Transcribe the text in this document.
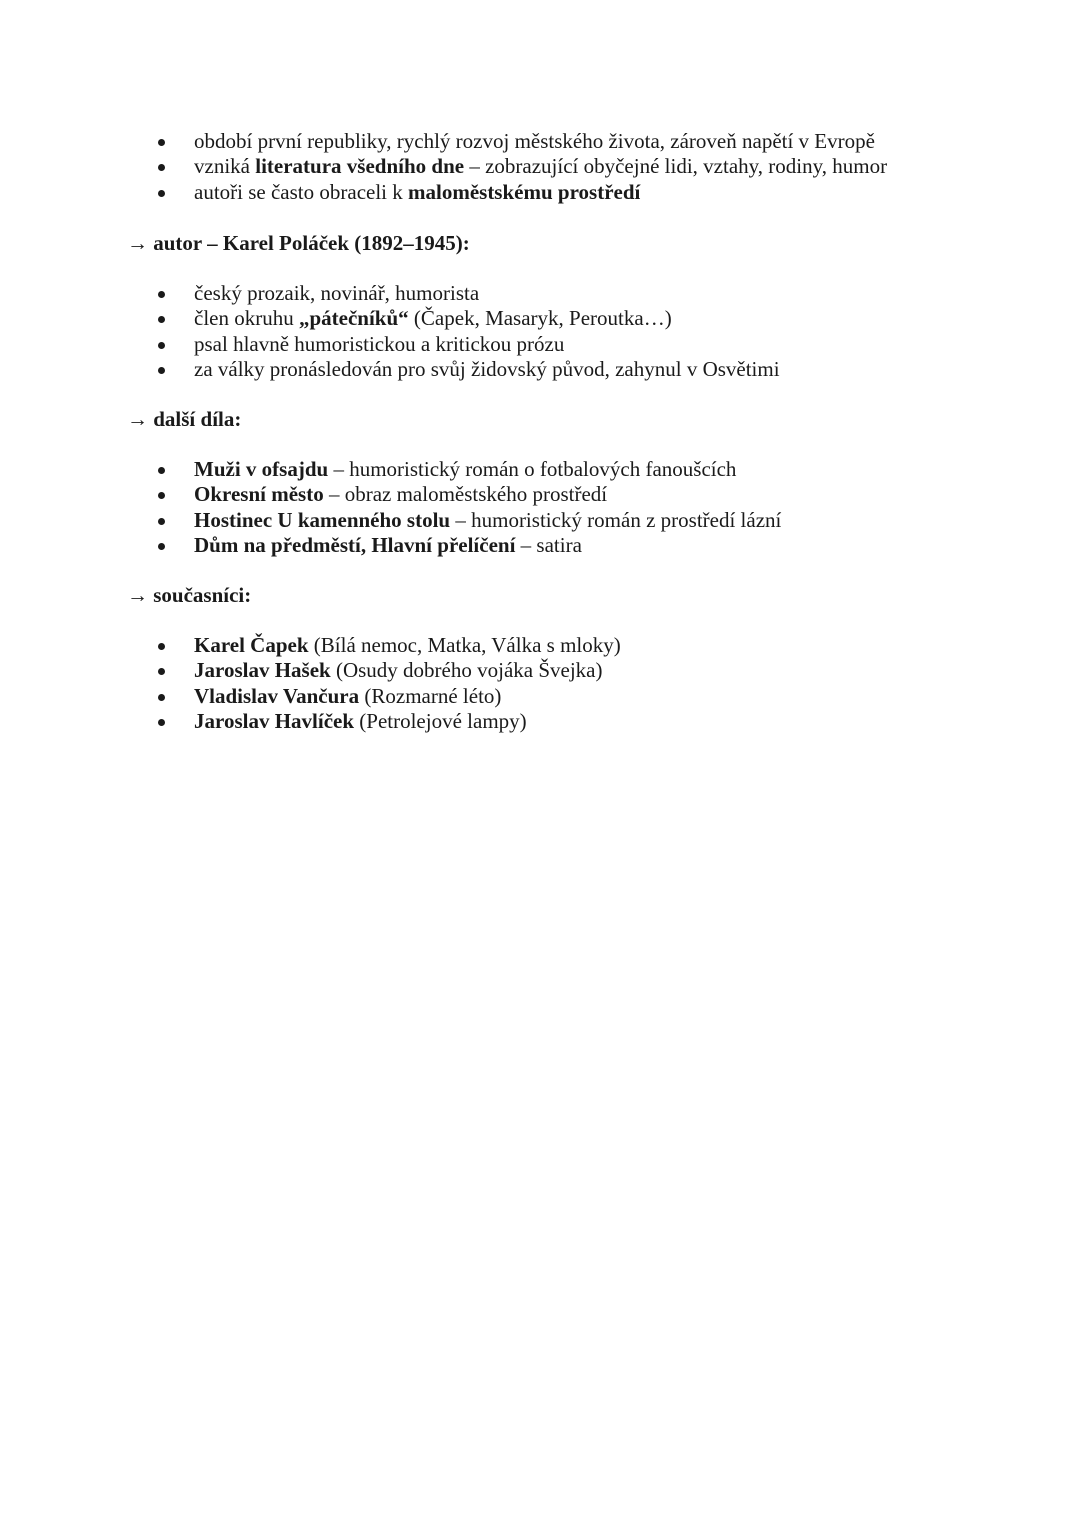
období první republiky, rychlý rozvoj městského života, zároveň napětí v Evropě
vzniká literatura všedního dne – zobrazující obyčejné lidi, vztahy, rodiny, humor
autoři se často obraceli k maloměstskému prostředí
→ autor – Karel Poláček (1892–1945):
český prozaik, novinář, humorista
člen okruhu „pátečníků“ (Čapek, Masaryk, Peroutka…)
psal hlavně humoristickou a kritickou prózu
za války pronásledován pro svůj židovský původ, zahynul v Osvětimi
→ další díla:
Muži v ofsajdu – humoristický román o fotbalových fanoušcích
Okresní město – obraz maloměstského prostředí
Hostinec U kamenného stolu – humoristický román z prostředí lázní
Dům na předměstí, Hlavní přelíčení – satira
→ současníci:
Karel Čapek (Bílá nemoc, Matka, Válka s mloky)
Jaroslav Hašek (Osudy dobrého vojáka Švejka)
Vladislav Vančura (Rozmarné léto)
Jaroslav Havlíček (Petrolejové lampy)
